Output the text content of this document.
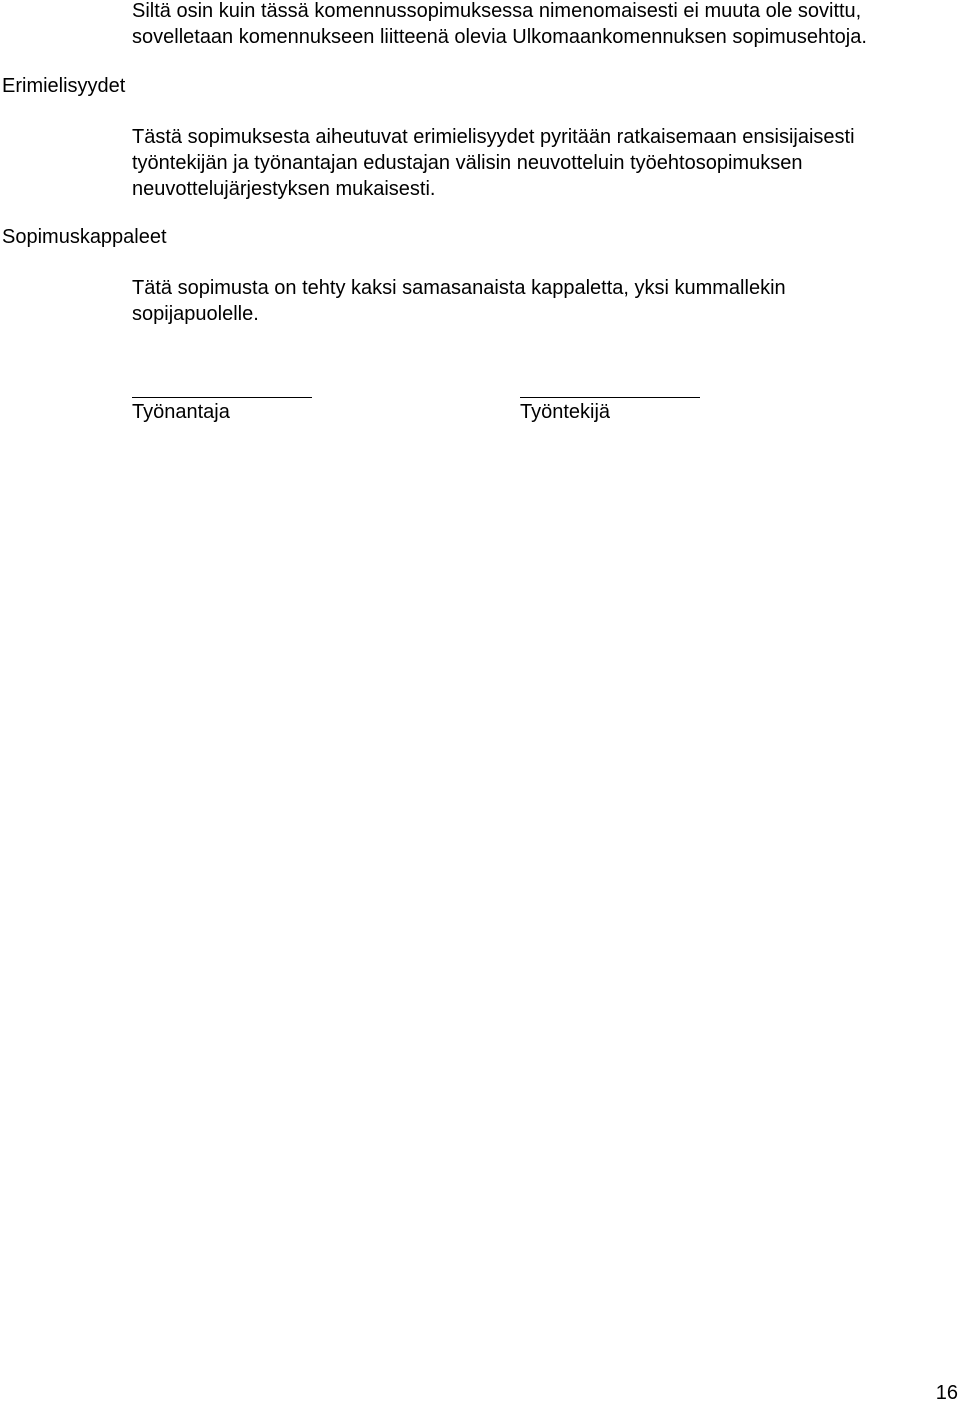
Siltä osin kuin tässä komennussopimuksessa nimenomaisesti ei muuta ole sovittu,
sovelletaan komennukseen liitteenä olevia Ulkomaankomennuksen sopimusehtoja.
Erimielisyydet
Tästä sopimuksesta aiheutuvat erimielisyydet pyritään ratkaisemaan ensisijaisesti
työntekijän ja työnantajan edustajan välisin neuvotteluin työehtosopimuksen
neuvottelujärjestyksen mukaisesti.
Sopimuskappaleet
Tätä sopimusta on tehty kaksi samasanaista kappaletta, yksi kummallekin
sopijapuolelle.
Työnantaja	Työntekijä
16
